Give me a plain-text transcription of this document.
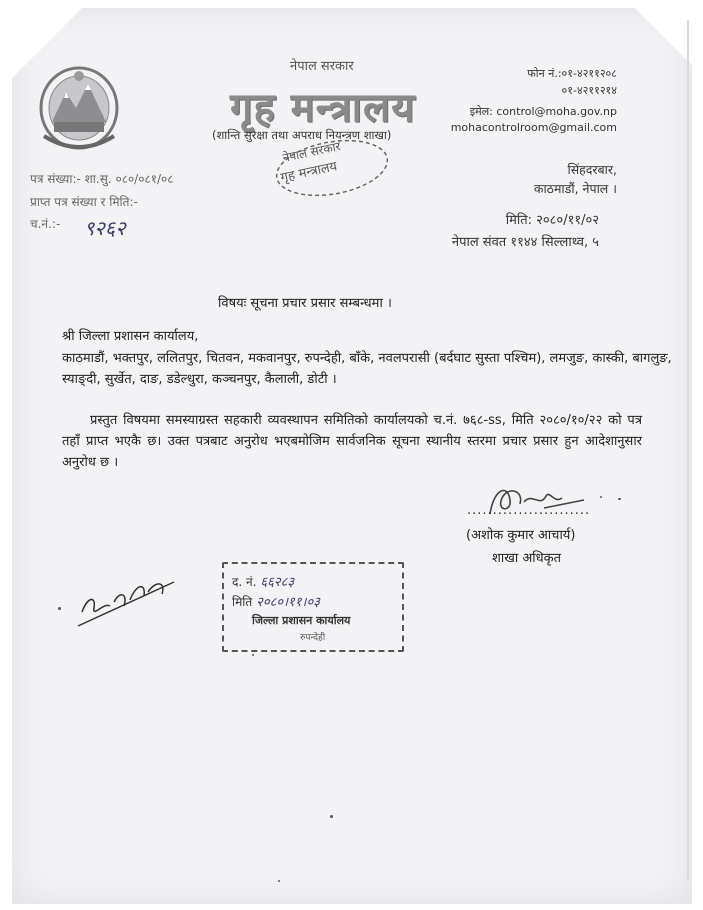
नेपाल सरकार
गृह मन्त्रालय
(शान्ति सुरक्षा तथा अपराध नियन्त्रण शाखा)
नेपाल सरकार
गृह मन्त्रालय
फोन नं.:०१-४२११२०८
०१-४२११२१४
इमेल: control@moha.gov.np
mohacontrolroom@gmail.com
सिंहदरबार,
काठमाडौं, नेपाल ।
पत्र संख्या:- शा.सु. ०८०/०८१/०८
प्राप्त पत्र संख्या र मिति:-
च.नं.:- ९२६२	मिति: २०८०/११/०२
नेपाल संवत ११४४ सिल्लाथ्व, ५
विषयः सूचना प्रचार प्रसार सम्बन्धमा ।
श्री जिल्ला प्रशासन कार्यालय,
काठमाडौं, भक्तपुर, ललितपुर, चितवन, मकवानपुर, रुपन्देही, बाँके, नवलपरासी (बर्दघाट सुस्ता पश्चिम), लमजुङ, कास्की, बागलुङ, स्याङ्दी, सुर्खेत, दाङ, डडेल्धुरा, कञ्चनपुर, कैलाली, डोटी ।
प्रस्तुत विषयमा समस्याग्रस्त सहकारी व्यवस्थापन समितिको कार्यालयको च.नं. ७६८-ss, मिति २०८०/१०/२२ को पत्र तहाँ प्राप्त भएकै छ। उक्त पत्रबाट अनुरोध भएबमोजिम सार्वजनिक सूचना स्थानीय स्तरमा प्रचार प्रसार हुन आदेशानुसार अनुरोध छ ।
........................
(अशोक कुमार आचार्य)
शाखा अधिकृत
द. नं. ६६२८३
मिति २०८०।११।०३
जिल्ला प्रशासन कार्यालय
रुपन्देही
